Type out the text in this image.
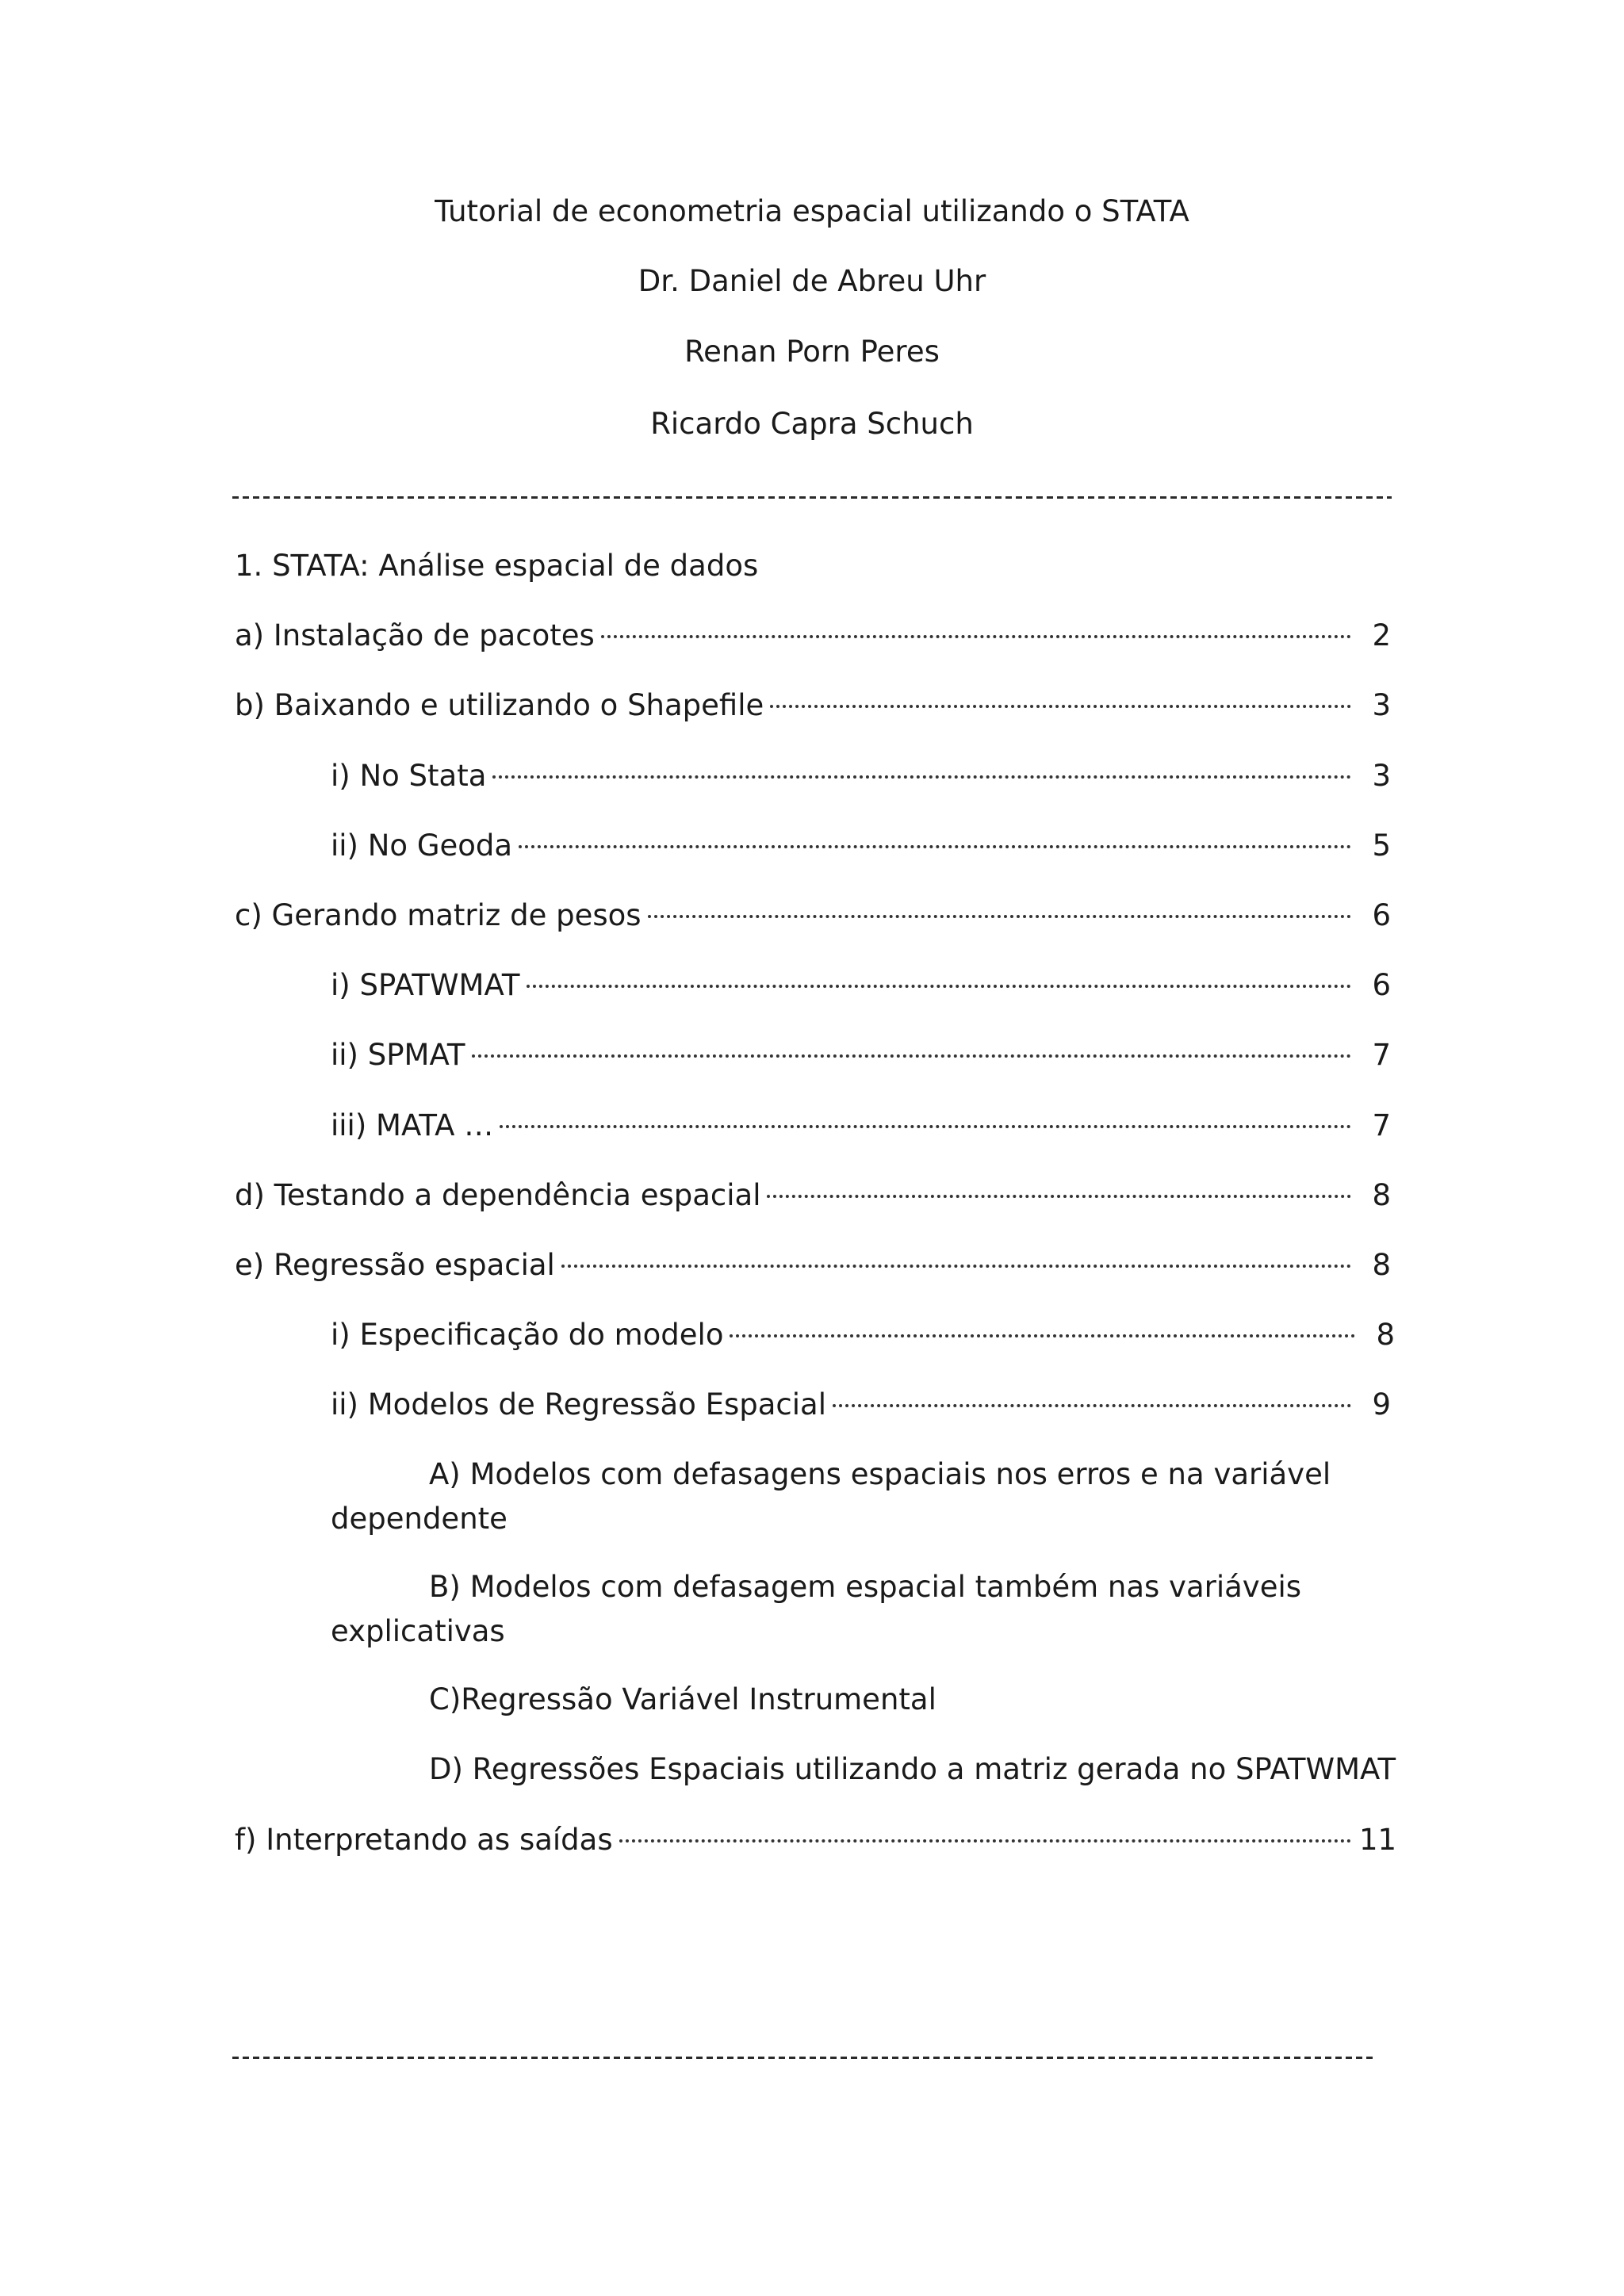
Tutorial de econometria espacial utilizando o STATA
Dr. Daniel de Abreu Uhr
Renan Porn Peres
Ricardo Capra Schuch
1. STATA: Análise espacial de dados
a) Instalação de pacotes	2
b) Baixando e utilizando o Shapefile	3
i) No Stata	3
ii) No Geoda	5
c) Gerando matriz de pesos	6
i) SPATWMAT	6
ii) SPMAT	7
iii) MATA …	7
d) Testando a dependência espacial	8
e) Regressão espacial	8
i) Especificação do modelo	8
ii) Modelos de Regressão Espacial	9
A) Modelos com defasagens espaciais nos erros e na variável
dependente
B) Modelos com defasagem espacial também nas variáveis
explicativas
C)Regressão Variável Instrumental
D) Regressões Espaciais utilizando a matriz gerada no SPATWMAT
f) Interpretando as saídas	11
